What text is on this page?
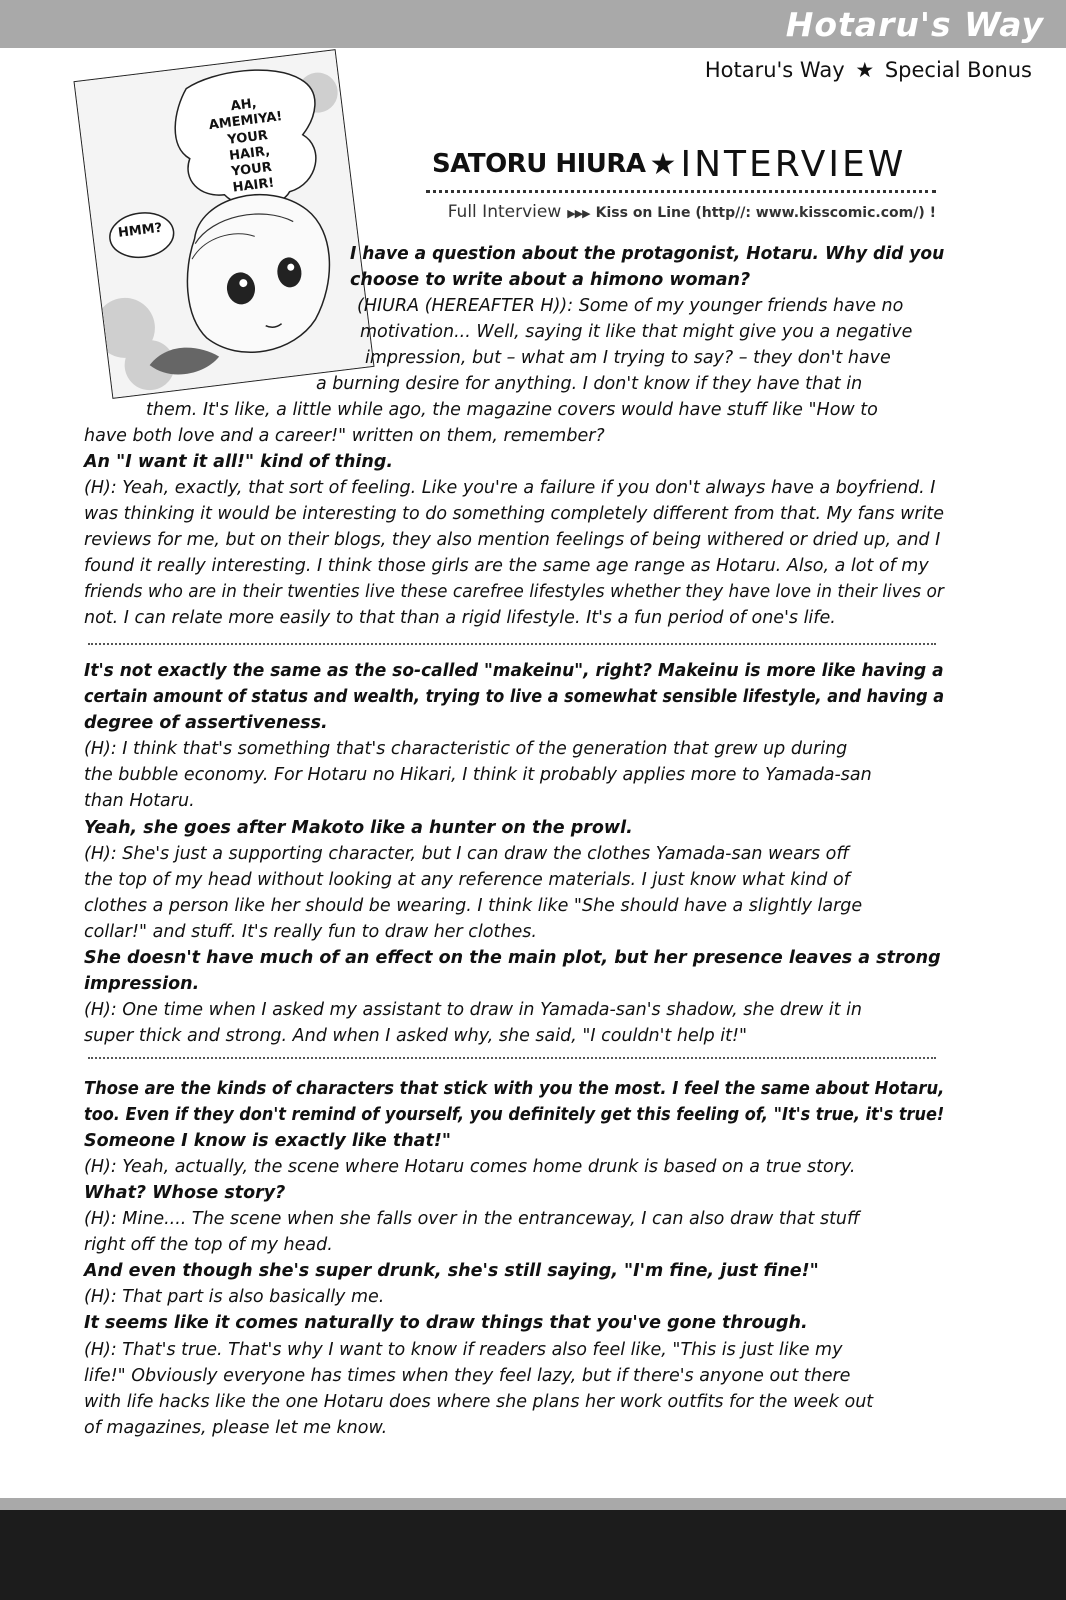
Hotaru's Way
Hotaru's Way ★ Special Bonus
AH, AMEMIYA! YOUR HAIR, YOUR HAIR!
HMM?
SATORU HIURA ★ INTERVIEW
Full Interview ▶▶▶ Kiss on Line (http//: www.kisscomic.com/) !
I have a question about the protagonist, Hotaru. Why did you
choose to write about a himono woman?
(HIURA (HEREAFTER H)): Some of my younger friends have no
motivation... Well, saying it like that might give you a negative
impression, but – what am I trying to say? – they don't have
a burning desire for anything. I don't know if they have that in
them. It's like, a little while ago, the magazine covers would have stuff like "How to
have both love and a career!" written on them, remember?
An "I want it all!" kind of thing.
(H): Yeah, exactly, that sort of feeling. Like you're a failure if you don't always have a boyfriend. I
was thinking it would be interesting to do something completely different from that. My fans write
reviews for me, but on their blogs, they also mention feelings of being withered or dried up, and I
found it really interesting. I think those girls are the same age range as Hotaru. Also, a lot of my
friends who are in their twenties live these carefree lifestyles whether they have love in their lives or
not. I can relate more easily to that than a rigid lifestyle. It's a fun period of one's life.
It's not exactly the same as the so-called "makeinu", right? Makeinu is more like having a
certain amount of status and wealth, trying to live a somewhat sensible lifestyle, and having a
degree of assertiveness.
(H): I think that's something that's characteristic of the generation that grew up during
the bubble economy. For Hotaru no Hikari, I think it probably applies more to Yamada-san
than Hotaru.
Yeah, she goes after Makoto like a hunter on the prowl.
(H): She's just a supporting character, but I can draw the clothes Yamada-san wears off
the top of my head without looking at any reference materials. I just know what kind of
clothes a person like her should be wearing. I think like "She should have a slightly large
collar!" and stuff. It's really fun to draw her clothes.
She doesn't have much of an effect on the main plot, but her presence leaves a strong
impression.
(H): One time when I asked my assistant to draw in Yamada-san's shadow, she drew it in
super thick and strong. And when I asked why, she said, "I couldn't help it!"
Those are the kinds of characters that stick with you the most. I feel the same about Hotaru,
too. Even if they don't remind of yourself, you definitely get this feeling of, "It's true, it's true!
Someone I know is exactly like that!"
(H): Yeah, actually, the scene where Hotaru comes home drunk is based on a true story.
What? Whose story?
(H): Mine.... The scene when she falls over in the entranceway, I can also draw that stuff
right off the top of my head.
And even though she's super drunk, she's still saying, "I'm fine, just fine!"
(H): That part is also basically me.
It seems like it comes naturally to draw things that you've gone through.
(H): That's true. That's why I want to know if readers also feel like, "This is just like my
life!" Obviously everyone has times when they feel lazy, but if there's anyone out there
with life hacks like the one Hotaru does where she plans her work outfits for the week out
of magazines, please let me know.
